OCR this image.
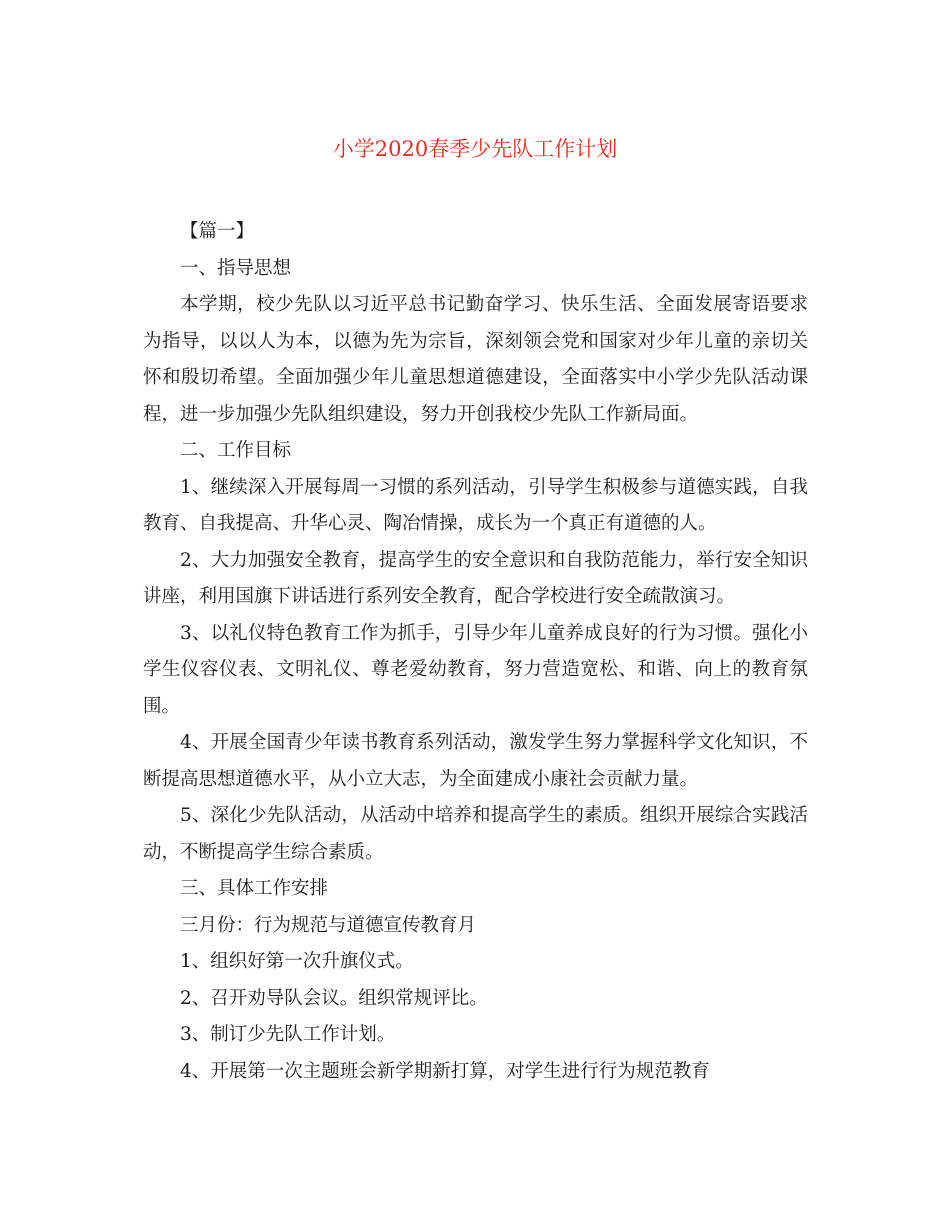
小学2020春季少先队工作计划

【篇一】

一、指导思想

本学期，校少先队以习近平总书记勤奋学习、快乐生活、全面发展寄语要求为指导，以以人为本，以德为先为宗旨，深刻领会党和国家对少年儿童的亲切关怀和殷切希望。全面加强少年儿童思想道德建设，全面落实中小学少先队活动课程，进一步加强少先队组织建设，努力开创我校少先队工作新局面。

二、工作目标

1、继续深入开展每周一习惯的系列活动，引导学生积极参与道德实践，自我教育、自我提高、升华心灵、陶冶情操，成长为一个真正有道德的人。

2、大力加强安全教育，提高学生的安全意识和自我防范能力，举行安全知识讲座，利用国旗下讲话进行系列安全教育，配合学校进行安全疏散演习。

3、以礼仪特色教育工作为抓手，引导少年儿童养成良好的行为习惯。强化小学生仪容仪表、文明礼仪、尊老爱幼教育，努力营造宽松、和谐、向上的教育氛围。

4、开展全国青少年读书教育系列活动，激发学生努力掌握科学文化知识，不断提高思想道德水平，从小立大志，为全面建成小康社会贡献力量。

5、深化少先队活动，从活动中培养和提高学生的素质。组织开展综合实践活动，不断提高学生综合素质。

三、具体工作安排

三月份：行为规范与道德宣传教育月

1、组织好第一次升旗仪式。

2、召开劝导队会议。组织常规评比。

3、制订少先队工作计划。

4、开展第一次主题班会新学期新打算，对学生进行行为规范教育
